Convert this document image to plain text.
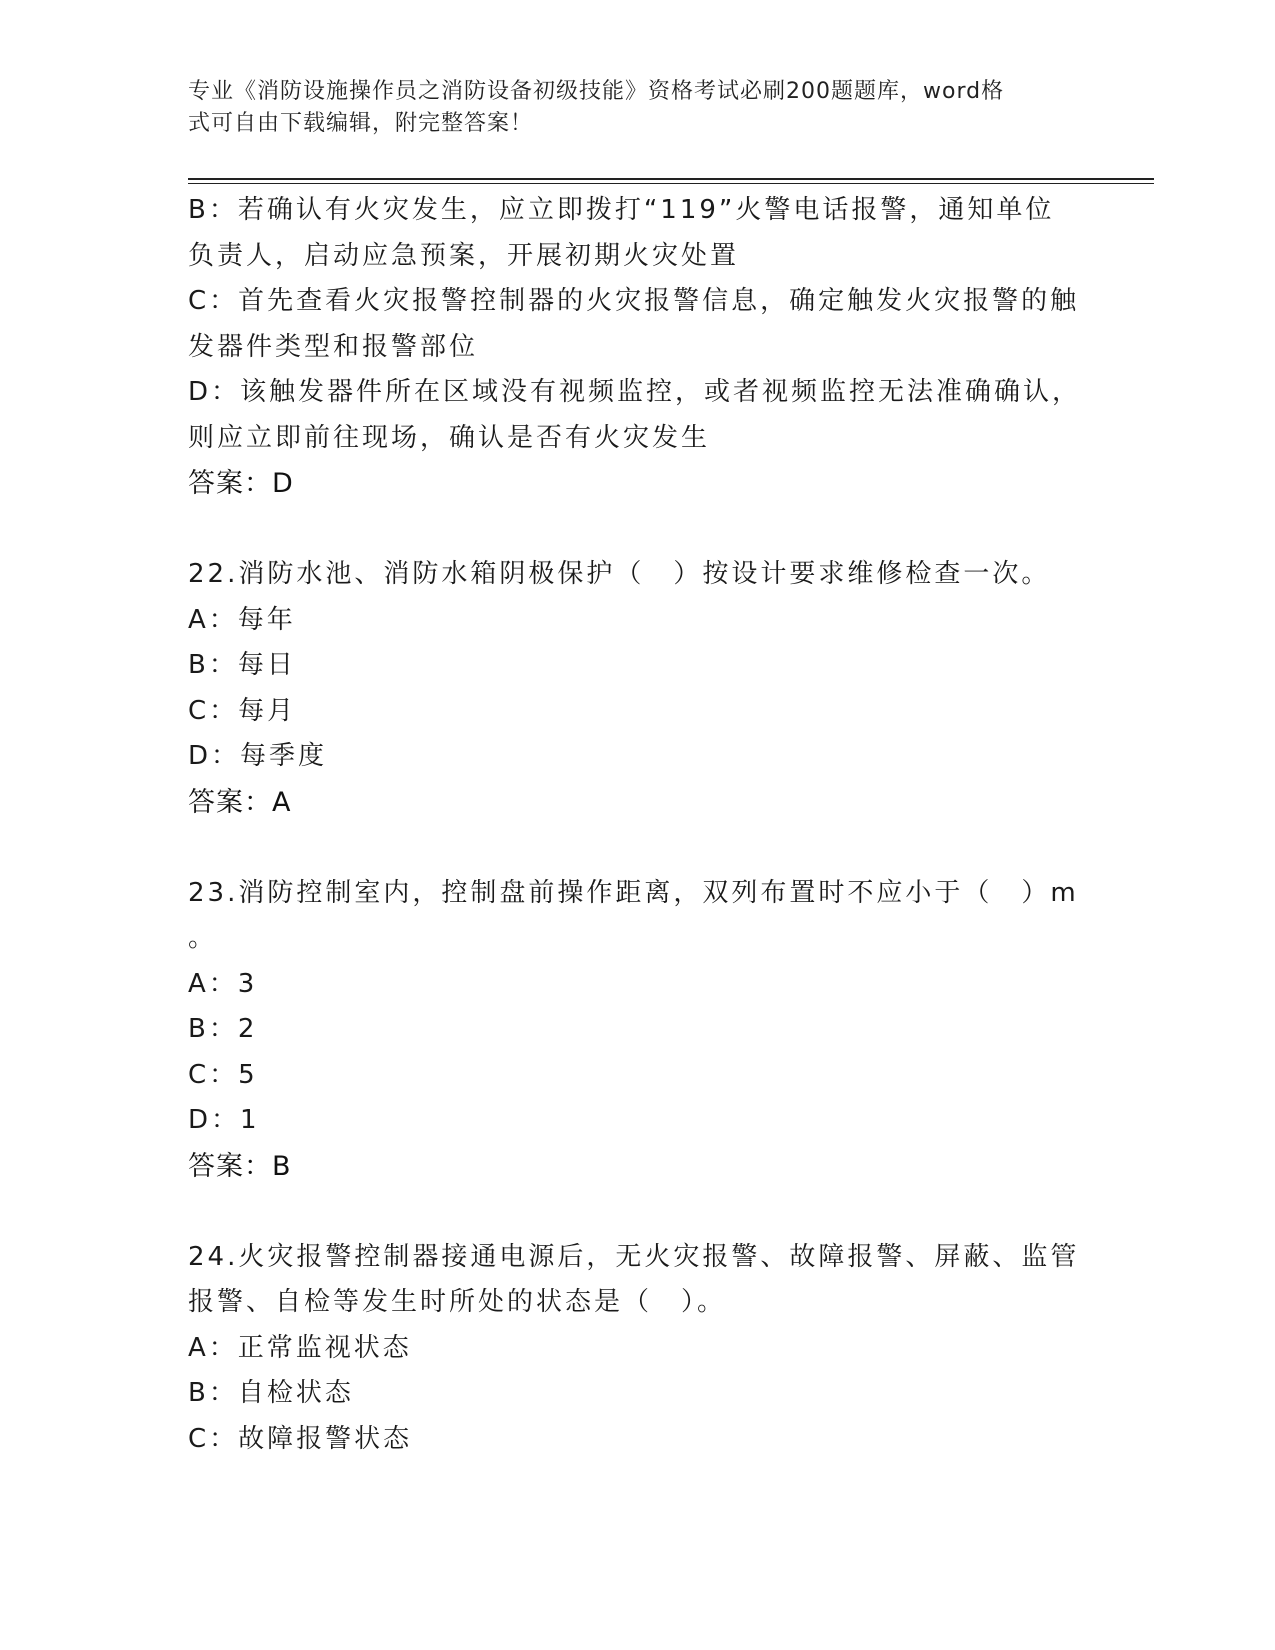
专业《消防设施操作员之消防设备初级技能》资格考试必刷200题题库，word格
式可自由下载编辑，附完整答案！
B：若确认有火灾发生，应立即拨打“119”火警电话报警，通知单位
负责人，启动应急预案，开展初期火灾处置
C：首先查看火灾报警控制器的火灾报警信息，确定触发火灾报警的触
发器件类型和报警部位
D：该触发器件所在区域没有视频监控，或者视频监控无法准确确认，
则应立即前往现场，确认是否有火灾发生
答案：D
22.消防水池、消防水箱阴极保护（　）按设计要求维修检查一次。
A：每年
B：每日
C：每月
D：每季度
答案：A
23.消防控制室内，控制盘前操作距离，双列布置时不应小于（　）m
。
A：3
B：2
C：5
D：1
答案：B
24.火灾报警控制器接通电源后，无火灾报警、故障报警、屏蔽、监管
报警、自检等发生时所处的状态是（　）。
A：正常监视状态
B：自检状态
C：故障报警状态
